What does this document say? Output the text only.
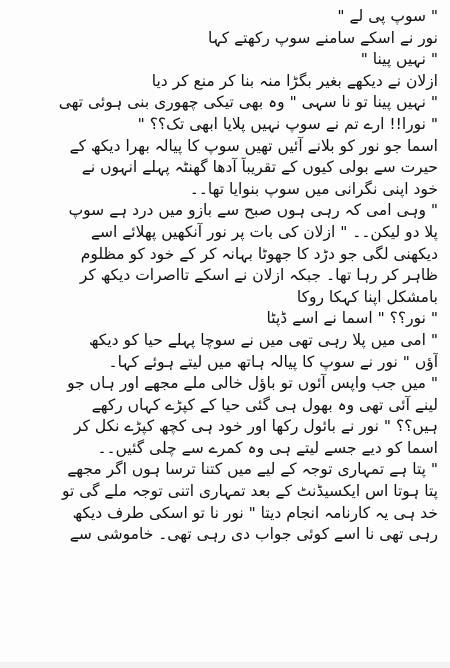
" سوپ پی لے "
نور نے اسکے سامنے سوپ رکھتے کہا
" نہیں پینا "
ازلان نے دیکھے بغیر بگڑا منہ بنا کر منع کر دیا
" نہیں پینا تو نا سہی " وہ بھی تیکی چھوری بنی ہوئی تھی
" نورا!! ارے تم نے سوپ نہیں پلایا ابھی تک؟؟ "
اسما جو نور کو بلانے آئیں تھیں سوپ کا پیالہ بھرا دیکھ کے
حیرت سے بولی کیوں کے تقریباً آدھا گھنٹہ پہلے انہوں نے
خود اپنی نگرانی میں سوپ بنوایا تھا۔۔
" وہی امی کہ رہی ہوں صبح سے بازو میں درد ہے سوپ
پلا دو لیکن۔۔ " ازلان کی بات پر نور آنکھیں پھلائے اسے
دیکھنی لگی جو دڑد کا جھوٹا بہانہ کر کے خود کو مظلوم
ظاہر کر رہا تھا۔ جبکہ ازلان نے اسکے تااصرات دیکھ کر
بامشکل اپنا کہکا روکا
" نور؟؟ " اسما نے اسے ڈپٹا
" امی میں پلا رہی تھی میں نے سوچا پہلے حیا کو دیکھ
آؤں " نور نے سوپ کا پیالہ ہاتھ میں لیتے ہوئے کہا۔
" میں جب واپس آئوں تو باؤل خالی ملے مجھے اور ہاں جو
لینے آئی تھی وہ بھول ہی گئی حیا کے کپڑے کہاں رکھے
ہیں؟؟ " نور نے بائول رکھا اور خود ہی کچھ کپڑے نکل کر
اسما کو دیے جسے لیتے ہی وہ کمرے سے چلی گئیں۔۔
" پتا ہے تمہاری توجہ کے لیے میں کتنا ترسا ہوں اگر مجھے
پتا ہوتا اس ایکسیڈنٹ کے بعد تمہاری اتنی توجہ ملے گی تو
خد ہی یہ کارنامہ انجام دیتا " نور نا تو اسکی طرف دیکھ
رہی تھی نا اسے کوئی جواب دی رہی تھی۔ خاموشی سے
